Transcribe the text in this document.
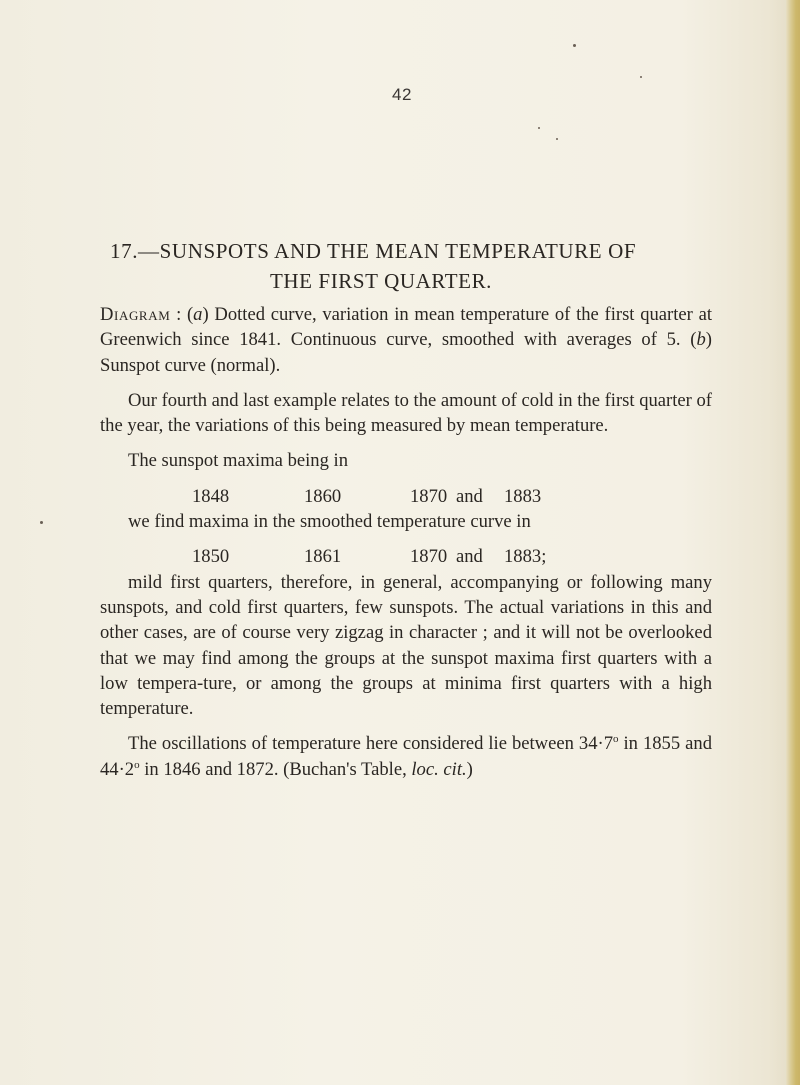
42
17.—SUNSPOTS AND THE MEAN TEMPERATURE OF
THE FIRST QUARTER.

Diagram : (a) Dotted curve, variation in mean temperature of the first quarter at Greenwich since 1841. Continuous curve, smoothed with averages of 5. (b) Sunspot curve (normal).

Our fourth and last example relates to the amount of cold in the first quarter of the year, the variations of this being measured by mean temperature.

The sunspot maxima being in

1848	1860	1870 and	1883

we find maxima in the smoothed temperature curve in

1850	1861	1870 and	1883;

mild first quarters, therefore, in general, accompanying or following many sunspots, and cold first quarters, few sunspots. The actual variations in this and other cases, are of course very zigzag in character ; and it will not be overlooked that we may find among the groups at the sunspot maxima first quarters with a low tempera-ture, or among the groups at minima first quarters with a high temperature.

The oscillations of temperature here considered lie between $34\cdot 7^o$ in 1855 and $44\cdot 2^o$ in 1846 and 1872. (Buchan's Table, loc. cit.)
